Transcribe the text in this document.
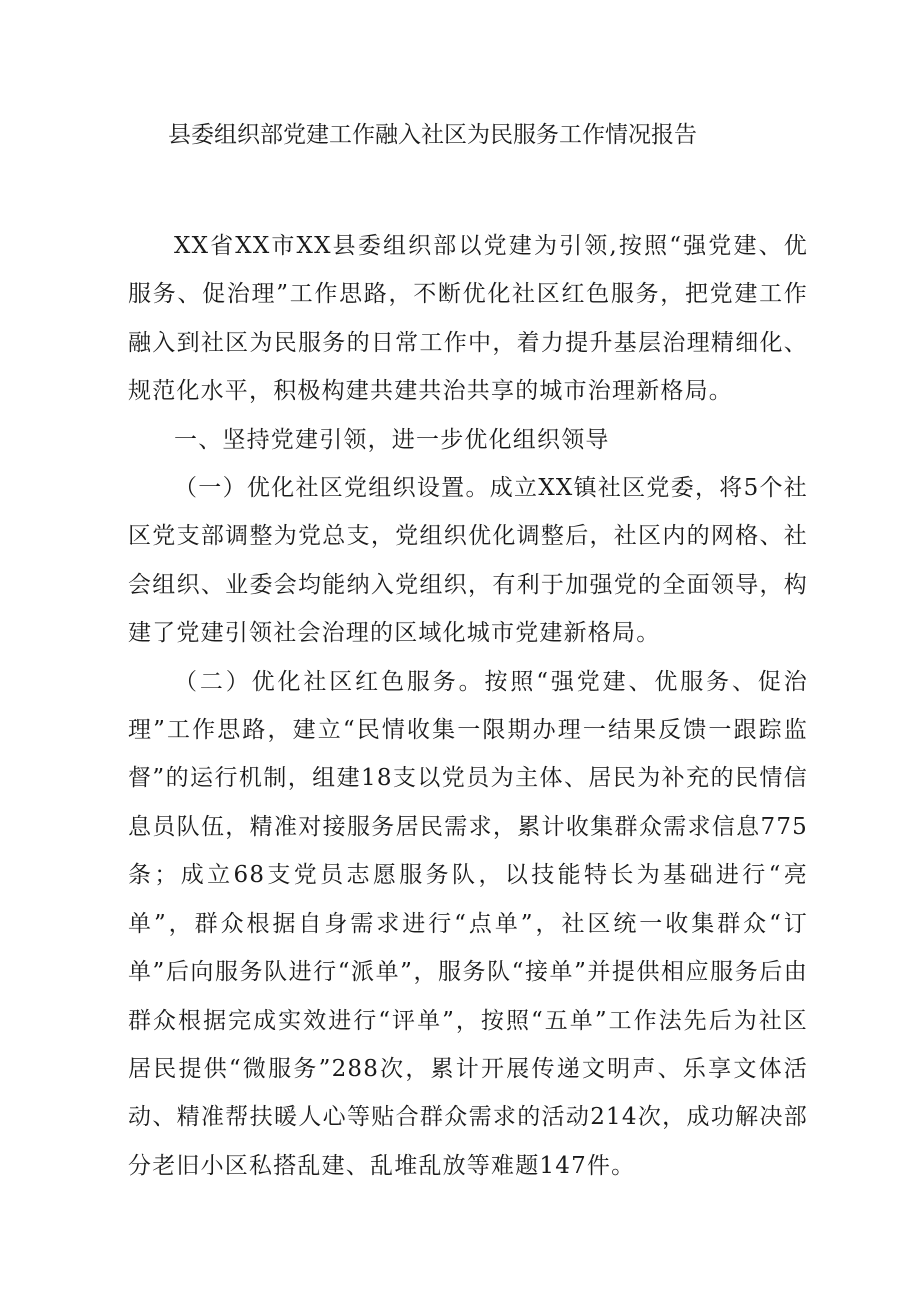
县委组织部党建工作融入社区为民服务工作情况报告

XX省XX市XX县委组织部以党建为引领,按照“强党建、优服务、促治理”工作思路，不断优化社区红色服务，把党建工作融入到社区为民服务的日常工作中，着力提升基层治理精细化、规范化水平，积极构建共建共治共享的城市治理新格局。

一、坚持党建引领，进一步优化组织领导

（一）优化社区党组织设置。成立XX镇社区党委，将5个社区党支部调整为党总支，党组织优化调整后，社区内的网格、社会组织、业委会均能纳入党组织，有利于加强党的全面领导，构建了党建引领社会治理的区域化城市党建新格局。

（二）优化社区红色服务。按照“强党建、优服务、促治理”工作思路，建立“民情收集一限期办理一结果反馈一跟踪监督”的运行机制，组建18支以党员为主体、居民为补充的民情信息员队伍，精准对接服务居民需求，累计收集群众需求信息775条；成立68支党员志愿服务队，以技能特长为基础进行“亮单”，群众根据自身需求进行“点单”，社区统一收集群众“订单”后向服务队进行“派单”，服务队“接单”并提供相应服务后由群众根据完成实效进行“评单”，按照“五单”工作法先后为社区居民提供“微服务”288次，累计开展传递文明声、乐享文体活动、精准帮扶暖人心等贴合群众需求的活动214次，成功解决部分老旧小区私搭乱建、乱堆乱放等难题147件。
